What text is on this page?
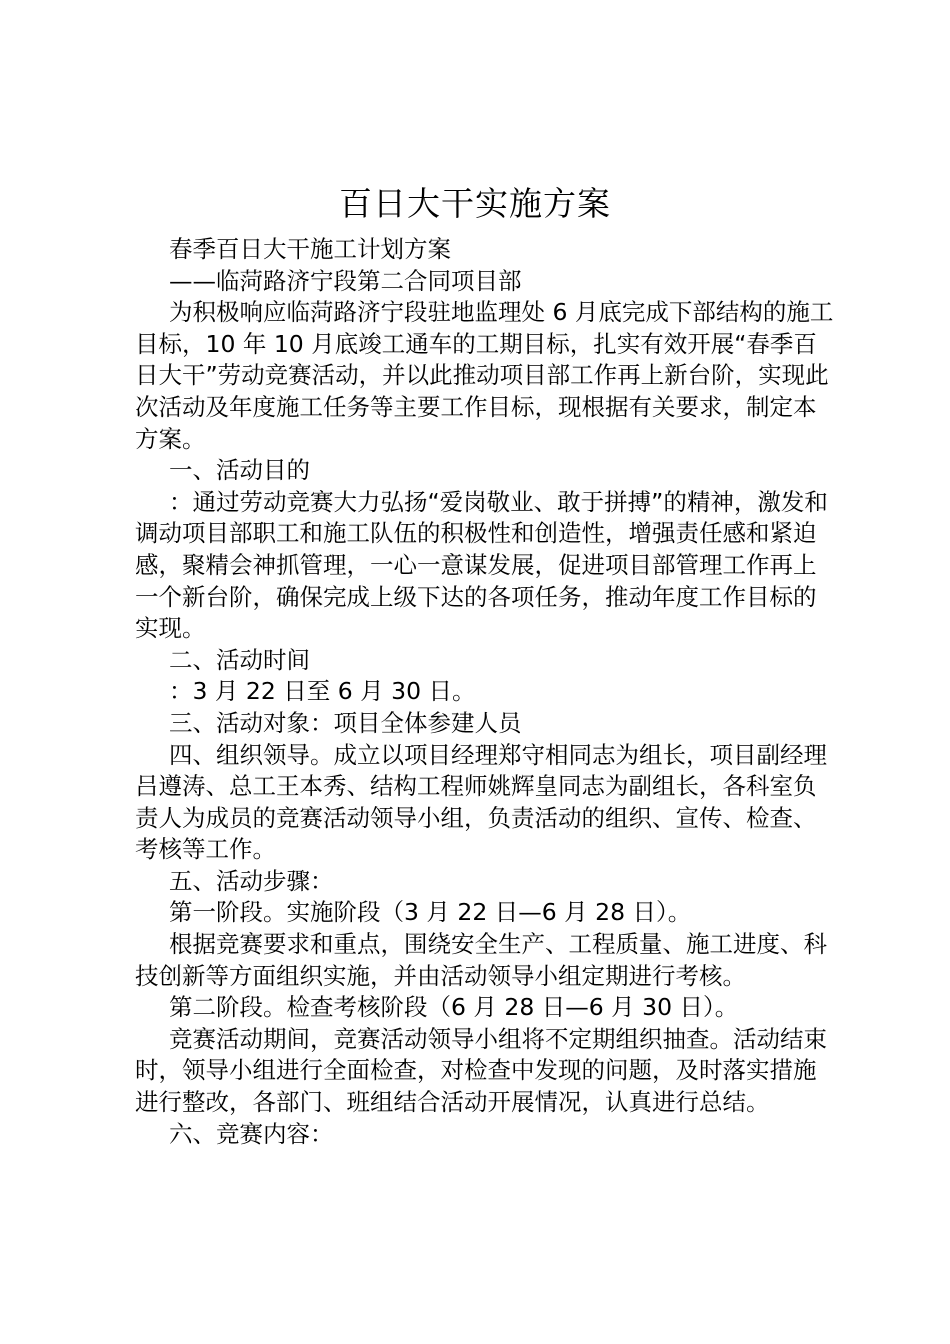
百日大干实施方案

春季百日大干施工计划方案

——临菏路济宁段第二合同项目部

为积极响应临菏路济宁段驻地监理处 6 月底完成下部结构的施工目标，10 年 10 月底竣工通车的工期目标，扎实有效开展“春季百日大干”劳动竞赛活动，并以此推动项目部工作再上新台阶，实现此次活动及年度施工任务等主要工作目标，现根据有关要求，制定本方案。

一、活动目的

：通过劳动竞赛大力弘扬“爱岗敬业、敢于拼搏”的精神，激发和调动项目部职工和施工队伍的积极性和创造性，增强责任感和紧迫感，聚精会神抓管理，一心一意谋发展，促进项目部管理工作再上一个新台阶，确保完成上级下达的各项任务，推动年度工作目标的实现。

二、活动时间

：3 月 22 日至 6 月 30 日。

三、活动对象：项目全体参建人员

四、组织领导。成立以项目经理郑守相同志为组长，项目副经理吕遵涛、总工王本秀、结构工程师姚辉皇同志为副组长，各科室负责人为成员的竞赛活动领导小组，负责活动的组织、宣传、检查、考核等工作。

五、活动步骤：

第一阶段。实施阶段（3 月 22 日—6 月 28 日）。

根据竞赛要求和重点，围绕安全生产、工程质量、施工进度、科技创新等方面组织实施，并由活动领导小组定期进行考核。

第二阶段。检查考核阶段（6 月 28 日—6 月 30 日）。

竞赛活动期间，竞赛活动领导小组将不定期组织抽查。活动结束时，领导小组进行全面检查，对检查中发现的问题，及时落实措施进行整改，各部门、班组结合活动开展情况，认真进行总结。

六、竞赛内容：
